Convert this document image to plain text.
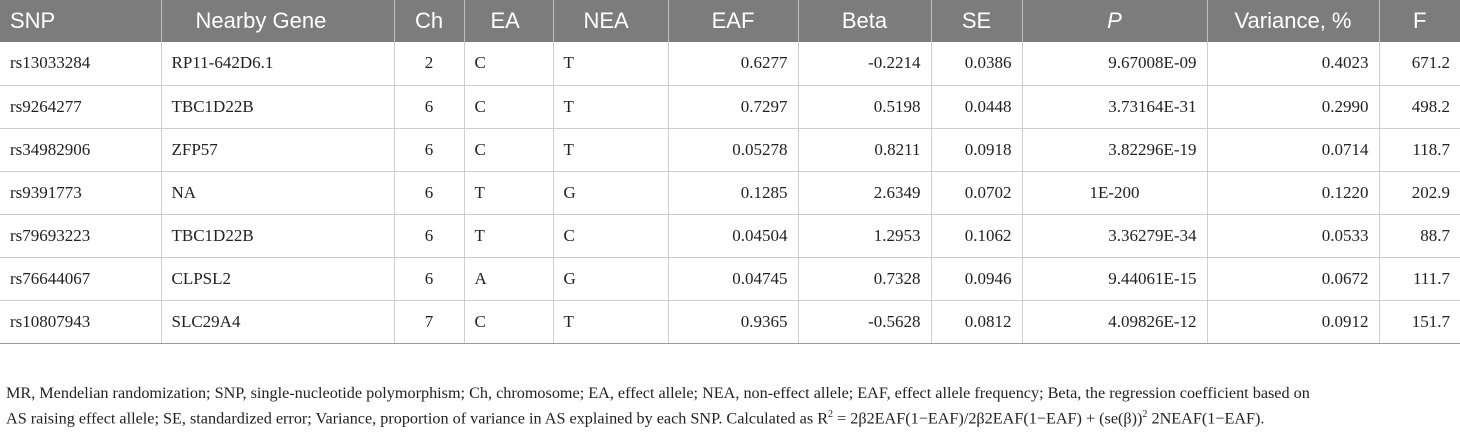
SNP	Nearby Gene	Ch	EA	NEA	EAF	Beta	SE	P	Variance, %	F
rs13033284	RP11-642D6.1	2	C	T	0.6277	-0.2214	0.0386	9.67008E-09	0.4023	671.2
rs9264277	TBC1D22B	6	C	T	0.7297	0.5198	0.0448	3.73164E-31	0.2990	498.2
rs34982906	ZFP57	6	C	T	0.05278	0.8211	0.0918	3.82296E-19	0.0714	118.7
rs9391773	NA	6	T	G	0.1285	2.6349	0.0702	1E-200	0.1220	202.9
rs79693223	TBC1D22B	6	T	C	0.04504	1.2953	0.1062	3.36279E-34	0.0533	88.7
rs76644067	CLPSL2	6	A	G	0.04745	0.7328	0.0946	9.44061E-15	0.0672	111.7
rs10807943	SLC29A4	7	C	T	0.9365	-0.5628	0.0812	4.09826E-12	0.0912	151.7
MR, Mendelian randomization; SNP, single-nucleotide polymorphism; Ch, chromosome; EA, effect allele; NEA, non-effect allele; EAF, effect allele frequency; Beta, the regression coefficient based on
AS raising effect allele; SE, standardized error; Variance, proportion of variance in AS explained by each SNP. Calculated as $R^2 = 2\beta 2EAF(1-EAF)/2\beta 2EAF(1-EAF) + (se(\beta))^2$ 2NEAF(1−EAF).
